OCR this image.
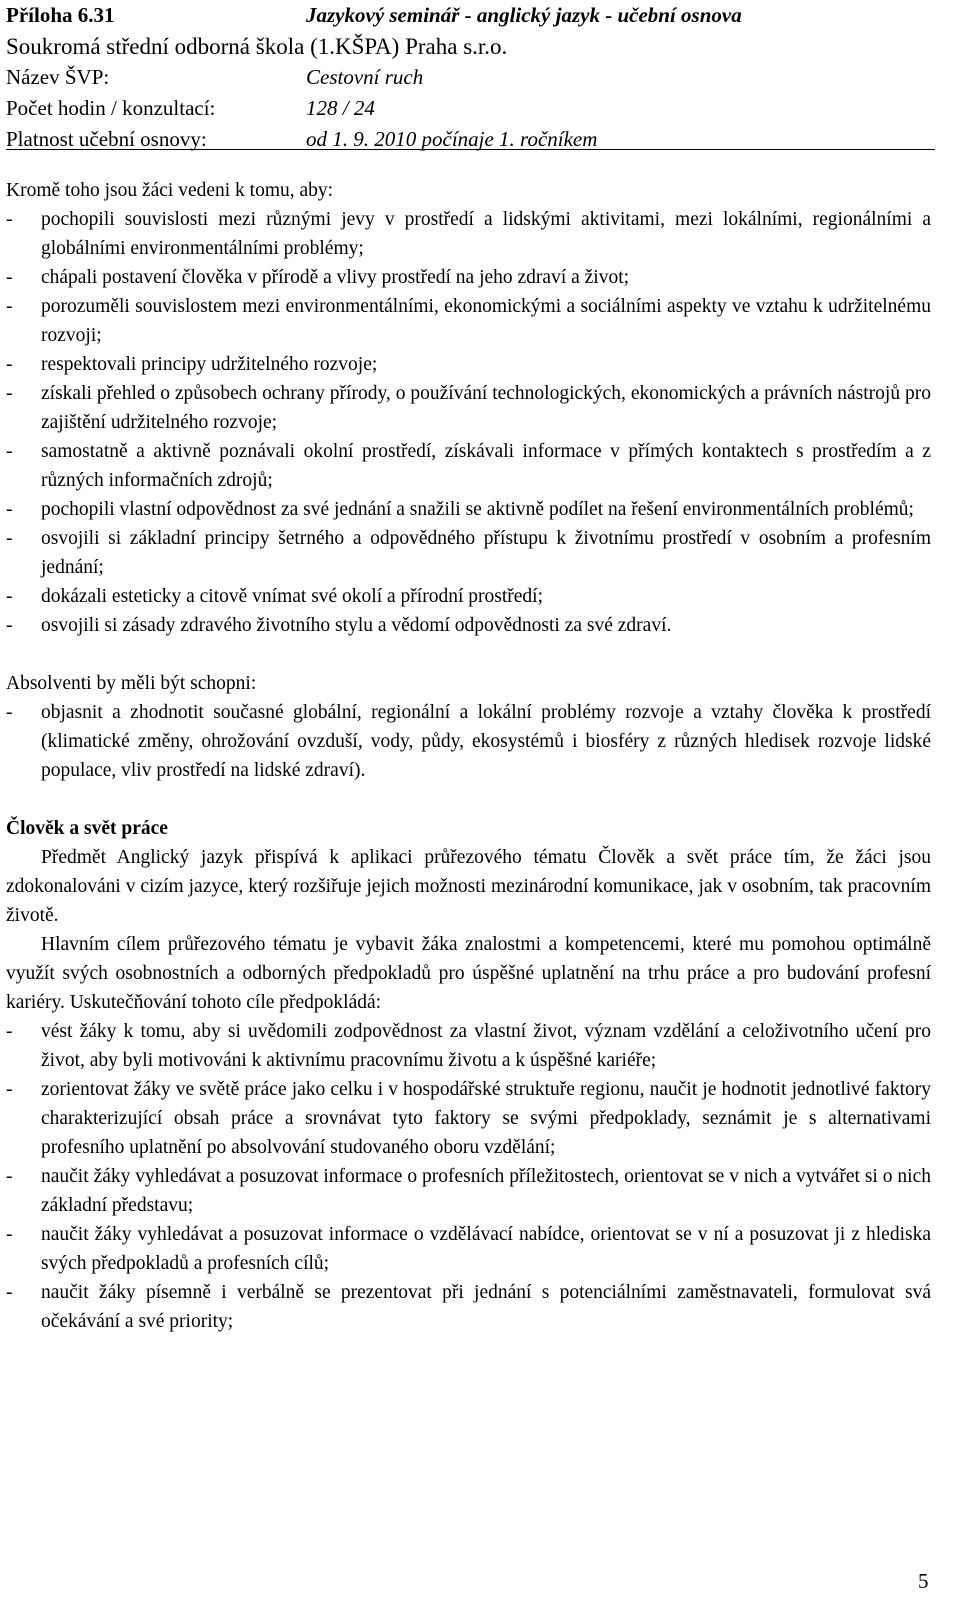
Příloha 6.31	Jazykový seminář - anglický jazyk - učební osnova
Soukromá střední odborná škola (1.KŠPA) Praha s.r.o.
Název ŠVP:	Cestovní ruch
Počet hodin / konzultací:	128 / 24
Platnost učební osnovy:	od 1. 9. 2010 počínaje 1. ročníkem

Kromě toho jsou žáci vedeni k tomu, aby:

- pochopili souvislosti mezi různými jevy v prostředí a lidskými aktivitami, mezi lokálními, regionálními a globálními environmentálními problémy;
- chápali postavení člověka v přírodě a vlivy prostředí na jeho zdraví a život;
- porozuměli souvislostem mezi environmentálními, ekonomickými a sociálními aspekty ve vztahu k udržitelnému rozvoji;
- respektovali principy udržitelného rozvoje;
- získali přehled o způsobech ochrany přírody, o používání technologických, ekonomických a právních nástrojů pro zajištění udržitelného rozvoje;
- samostatně a aktivně poznávali okolní prostředí, získávali informace v přímých kontaktech s prostředím a z různých informačních zdrojů;
- pochopili vlastní odpovědnost za své jednání a snažili se aktivně podílet na řešení environmentálních problémů;
- osvojili si základní principy šetrného a odpovědného přístupu k životnímu prostředí v osobním a profesním jednání;
- dokázali esteticky a citově vnímat své okolí a přírodní prostředí;
- osvojili si zásady zdravého životního stylu a vědomí odpovědnosti za své zdraví.

Absolventi by měli být schopni:

- objasnit a zhodnotit současné globální, regionální a lokální problémy rozvoje a vztahy člověka k prostředí (klimatické změny, ohrožování ovzduší, vody, půdy, ekosystémů i biosféry z různých hledisek rozvoje lidské populace, vliv prostředí na lidské zdraví).

Člověk a svět práce

Předmět Anglický jazyk přispívá k aplikaci průřezového tématu Člověk a svět práce tím, že žáci jsou zdokonalováni v cizím jazyce, který rozšiřuje jejich možnosti mezinárodní komunikace, jak v osobním, tak pracovním životě.

Hlavním cílem průřezového tématu je vybavit žáka znalostmi a kompetencemi, které mu pomohou optimálně využít svých osobnostních a odborných předpokladů pro úspěšné uplatnění na trhu práce a pro budování profesní kariéry. Uskutečňování tohoto cíle předpokládá:

- vést žáky k tomu, aby si uvědomili zodpovědnost za vlastní život, význam vzdělání a celoživotního učení pro život, aby byli motivováni k aktivnímu pracovnímu životu a k úspěšné kariéře;
- zorientovat žáky ve světě práce jako celku i v hospodářské struktuře regionu, naučit je hodnotit jednotlivé faktory charakterizující obsah práce a srovnávat tyto faktory se svými předpoklady, seznámit je s alternativami profesního uplatnění po absolvování studovaného oboru vzdělání;
- naučit žáky vyhledávat a posuzovat informace o profesních příležitostech, orientovat se v nich a vytvářet si o nich základní představu;
- naučit žáky vyhledávat a posuzovat informace o vzdělávací nabídce, orientovat se v ní a posuzovat ji z hlediska svých předpokladů a profesních cílů;
- naučit žáky písemně i verbálně se prezentovat při jednání s potenciálními zaměstnavateli, formulovat svá očekávání a své priority;
5
